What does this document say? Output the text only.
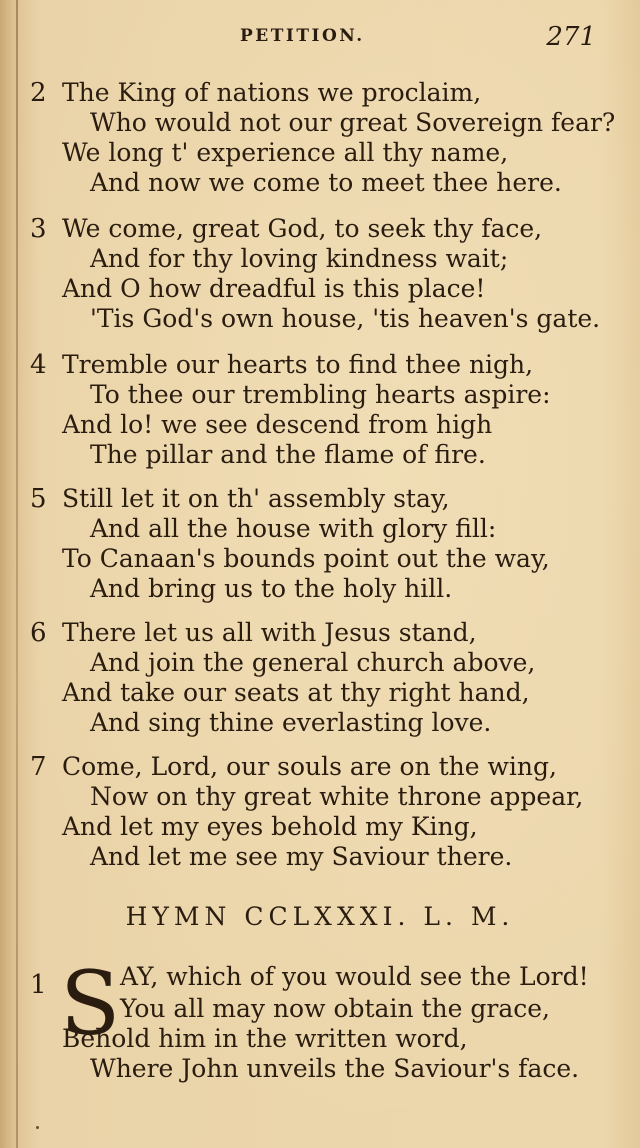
PETITION.	271
2 The King of nations we proclaim,
Who would not our great Sovereign fear?
We long t' experience all thy name,
And now we come to meet thee here.
3 We come, great God, to seek thy face,
And for thy loving kindness wait;
And O how dreadful is this place!
'Tis God's own house, 'tis heaven's gate.
4 Tremble our hearts to find thee nigh,
To thee our trembling hearts aspire:
And lo! we see descend from high
The pillar and the flame of fire.
5 Still let it on th' assembly stay,
And all the house with glory fill:
To Canaan's bounds point out the way,
And bring us to the holy hill.
6 There let us all with Jesus stand,
And join the general church above,
And take our seats at thy right hand,
And sing thine everlasting love.
7 Come, Lord, our souls are on the wing,
Now on thy great white throne appear,
And let my eyes behold my King,
And let me see my Saviour there.
HYMN CCLXXXI. L. M.
1 S AY, which of you would see the Lord!
You all may now obtain the grace,
Behold him in the written word,
Where John unveils the Saviour's face.
